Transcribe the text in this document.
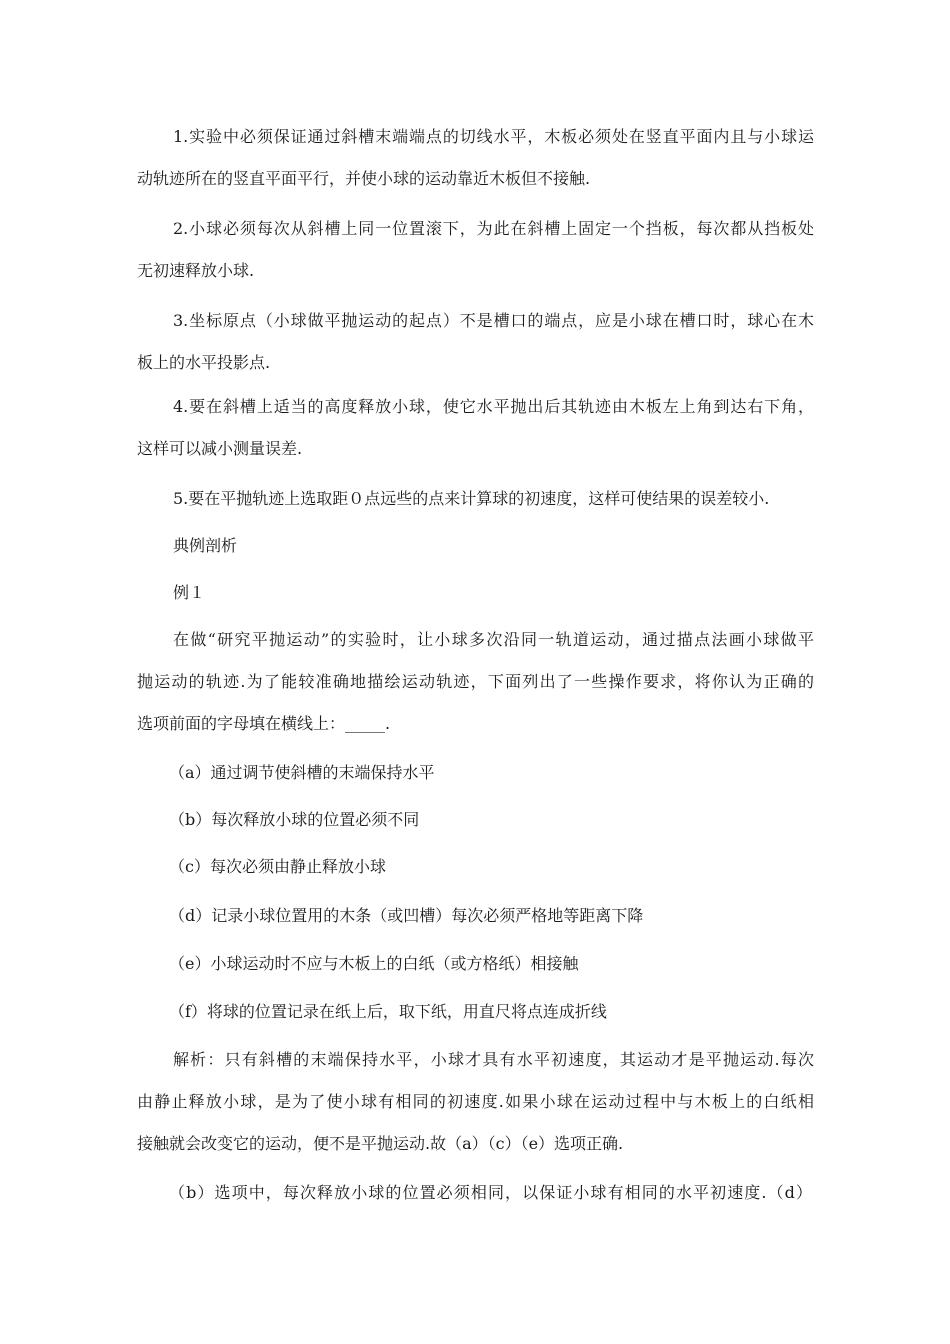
1.实验中必须保证通过斜槽末端端点的切线水平，木板必须处在竖直平面内且与小球运
动轨迹所在的竖直平面平行，并使小球的运动靠近木板但不接触.
2.小球必须每次从斜槽上同一位置滚下，为此在斜槽上固定一个挡板，每次都从挡板处
无初速释放小球.
3.坐标原点（小球做平抛运动的起点）不是槽口的端点，应是小球在槽口时，球心在木
板上的水平投影点.
4.要在斜槽上适当的高度释放小球，使它水平抛出后其轨迹由木板左上角到达右下角，
这样可以减小测量误差.
5.要在平抛轨迹上选取距０点远些的点来计算球的初速度，这样可使结果的误差较小.
典例剖析
例１
在做“研究平抛运动”的实验时，让小球多次沿同一轨道运动，通过描点法画小球做平
抛运动的轨迹.为了能较准确地描绘运动轨迹，下面列出了一些操作要求，将你认为正确的
选项前面的字母填在横线上：_____.
（a）通过调节使斜槽的末端保持水平
（b）每次释放小球的位置必须不同
（c）每次必须由静止释放小球
（d）记录小球位置用的木条（或凹槽）每次必须严格地等距离下降
（e）小球运动时不应与木板上的白纸（或方格纸）相接触
（f）将球的位置记录在纸上后，取下纸，用直尺将点连成折线
解析：只有斜槽的末端保持水平，小球才具有水平初速度，其运动才是平抛运动.每次
由静止释放小球，是为了使小球有相同的初速度.如果小球在运动过程中与木板上的白纸相
接触就会改变它的运动，便不是平抛运动.故（a）（c）（e）选项正确.
（b）选项中，每次释放小球的位置必须相同，以保证小球有相同的水平初速度.（d）
